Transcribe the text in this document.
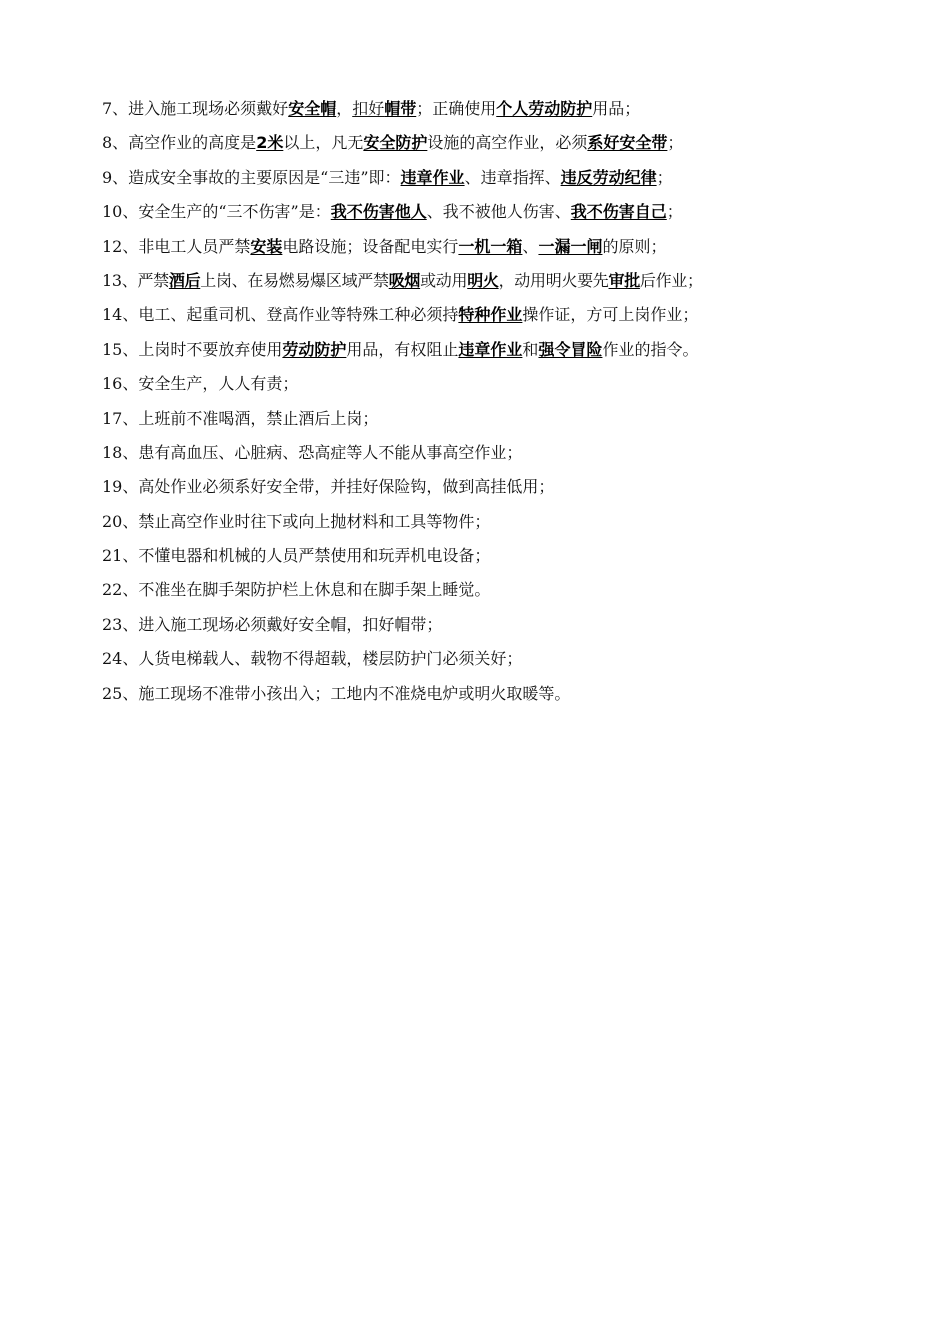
7、进入施工现场必须戴好安全帽，扣好帽带；正确使用个人劳动防护用品；
8、高空作业的高度是2米以上，凡无安全防护设施的高空作业，必须系好安全带；
9、造成安全事故的主要原因是“三违”即：违章作业、违章指挥、违反劳动纪律；
10、安全生产的“三不伤害”是：我不伤害他人、我不被他人伤害、我不伤害自己；
12、非电工人员严禁安装电路设施；设备配电实行一机一箱、一漏一闸的原则；
13、严禁酒后上岗、在易燃易爆区域严禁吸烟或动用明火，动用明火要先审批后作业；
14、电工、起重司机、登高作业等特殊工种必须持特种作业操作证，方可上岗作业；
15、上岗时不要放弃使用劳动防护用品，有权阻止违章作业和强令冒险作业的指令。
16、安全生产，人人有责；
17、上班前不准喝酒，禁止酒后上岗；
18、患有高血压、心脏病、恐高症等人不能从事高空作业；
19、高处作业必须系好安全带，并挂好保险钩，做到高挂低用；
20、禁止高空作业时往下或向上抛材料和工具等物件；
21、不懂电器和机械的人员严禁使用和玩弄机电设备；
22、不准坐在脚手架防护栏上休息和在脚手架上睡觉。
23、进入施工现场必须戴好安全帽，扣好帽带；
24、人货电梯载人、载物不得超载，楼层防护门必须关好；
25、施工现场不准带小孩出入；工地内不准烧电炉或明火取暖等。
